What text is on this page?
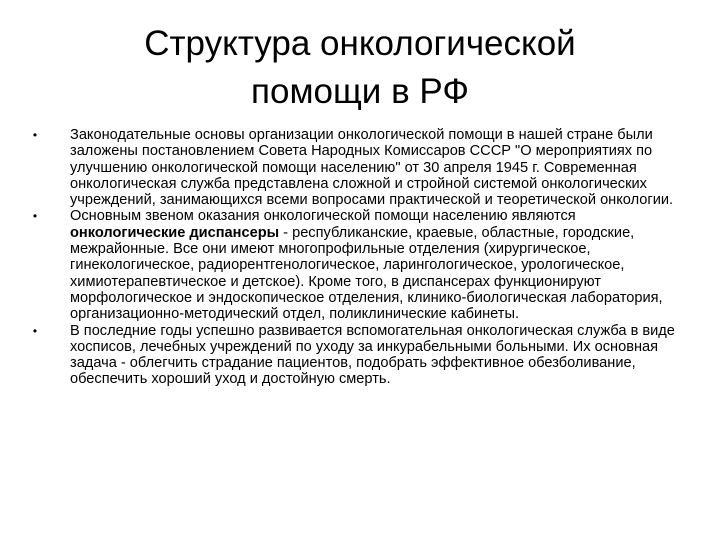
Структура онкологической
помощи в РФ
•	Законодательные основы организации онкологической помощи в нашей стране были заложены постановлением Совета Народных Комиссаров СССР "О мероприятиях по улучшению онкологической помощи населению" от 30 апреля 1945 г. Современная онкологическая служба представлена сложной и стройной системой онкологических учреждений, занимающихся всеми вопросами практической и теоретической онкологии.
•	Основным звеном оказания онкологической помощи населению являются онкологические диспансеры - республиканские, краевые, областные, городские, межрайонные. Все они имеют многопрофильные отделения (хирургическое, гинекологическое, радиорентгенологическое, ларингологическое, урологическое, химиотерапевтическое и детское). Кроме того, в диспансерах функционируют морфологическое и эндоскопическое отделения, клинико-биологическая лаборатория, организационно-методический отдел, поликлинические кабинеты.
•	В последние годы успешно развивается вспомогательная онкологическая служба в виде хосписов, лечебных учреждений по уходу за инкурабельными больными. Их основная задача - облегчить страдание пациентов, подобрать эффективное обезболивание, обеспечить хороший уход и достойную смерть.
